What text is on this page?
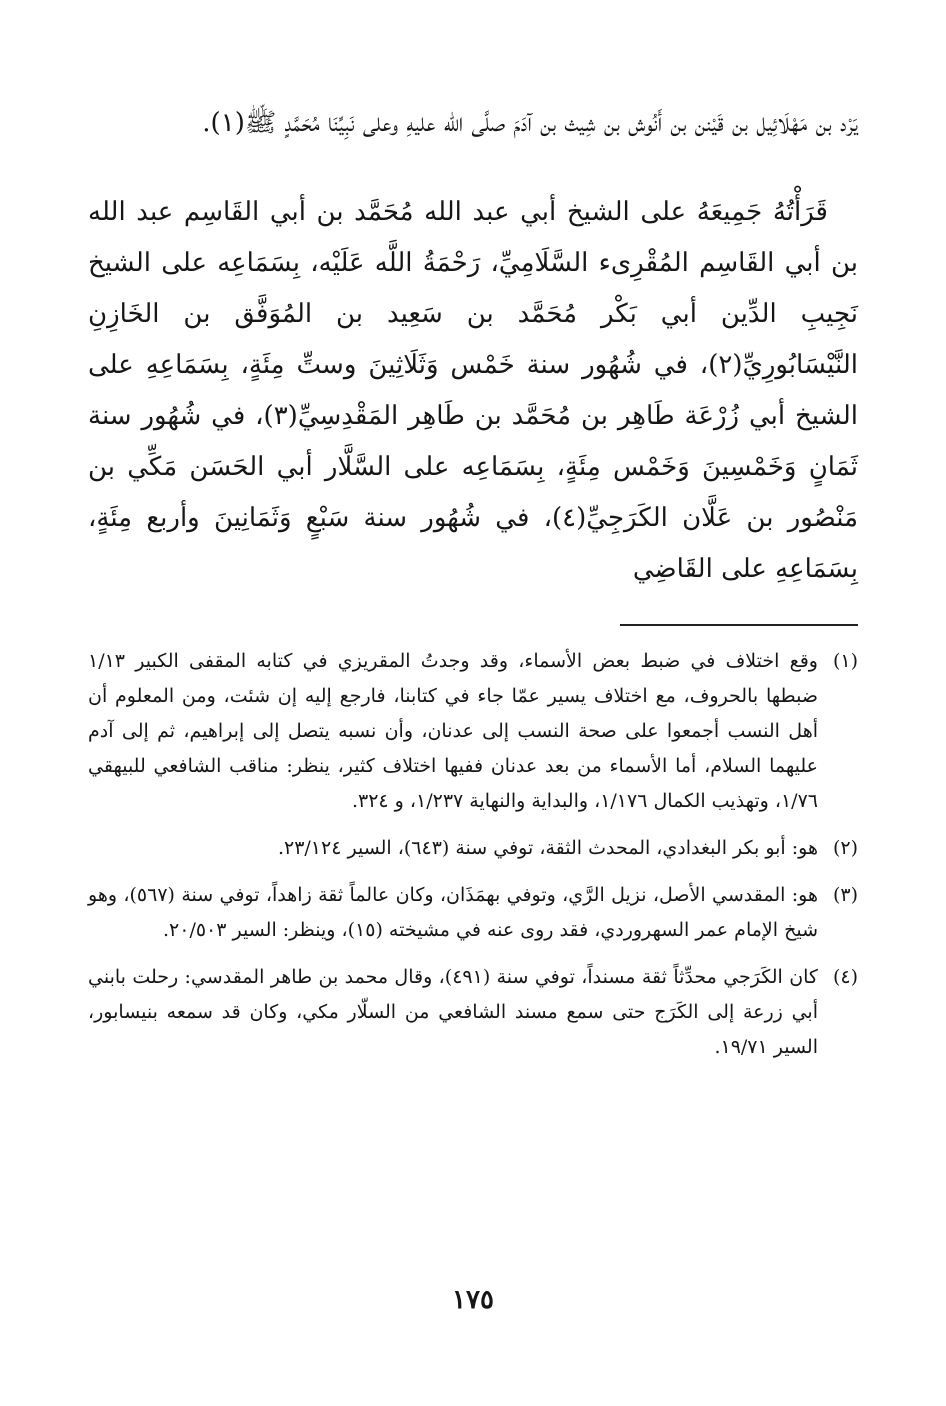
يَرْد بن مَهْلَائِيل بن قَيْنن بن أَنُوش بن شِيث بن آدَمَ صلَّى الله عليهِ وعلى نَبِيِّنَا مُحَمَّدٍ ﷺ(١).

قَرَأْتُهُ جَمِيعَهُ على الشيخ أبي عبد الله مُحَمَّد بن أبي القَاسِم عبد الله بن أبي القَاسِم المُقْرِىء السَّلَامِيِّ، رَحْمَةُ اللَّه عَلَيْه، بِسَمَاعِه على الشيخ نَجِيبِ الدِّين أبي بَكْر مُحَمَّد بن سَعِيد بن المُوَفَّق بن الخَازِنِ النَّيْسَابُورِيِّ(٢)، في شُهُور سنة خَمْس وَثَلَاثِينَ وستِّ مِئَةٍ، بِسَمَاعِهِ على الشيخ أبي زُرْعَة طَاهِر بن مُحَمَّد بن طَاهِر المَقْدِسِيِّ(٣)، في شُهُور سنة ثَمَانٍ وَخَمْسِينَ وَخَمْس مِئَةٍ، بِسَمَاعِه على السَّلَّار أبي الحَسَن مَكِّي بن مَنْصُور بن عَلَّان الكَرَجِيِّ(٤)، في شُهُور سنة سَبْعٍ وَثَمَانِينَ وأربع مِئَةٍ، بِسَمَاعِهِ على القَاضِي

(١)
وقع اختلاف في ضبط بعض الأسماء، وقد وجدتُ المقريزي في كتابه المقفى الكبير ١/١٣ ضبطها بالحروف، مع اختلاف يسير عمّا جاء في كتابنا، فارجع إليه إن شئت، ومن المعلوم أن أهل النسب أجمعوا على صحة النسب إلى عدنان، وأن نسبه يتصل إلى إبراهيم، ثم إلى آدم عليهما السلام، أما الأسماء من بعد عدنان ففيها اختلاف كثير، ينظر: مناقب الشافعي للبيهقي ١/٧٦، وتهذيب الكمال ١/١٧٦، والبداية والنهاية ١/٢٣٧، و ٣٢٤.
(٢)
هو: أبو بكر البغدادي، المحدث الثقة، توفي سنة (٦٤٣)، السير ٢٣/١٢٤.
(٣)
هو: المقدسي الأصل، نزيل الرَّي، وتوفي بهمَذَان، وكان عالماً ثقة زاهداً، توفي سنة (٥٦٧)، وهو شيخ الإمام عمر السهروردي، فقد روى عنه في مشيخته (١٥)، وينظر: السير ٢٠/٥٠٣.
(٤)
كان الكَرَجي محدِّثاً ثقة مسنداً، توفي سنة (٤٩١)، وقال محمد بن طاهر المقدسي: رحلت بابني أبي زرعة إلى الكَرَج حتى سمع مسند الشافعي من السلّار مكي، وكان قد سمعه بنيسابور، السير ١٩/٧١.
١٧٥
